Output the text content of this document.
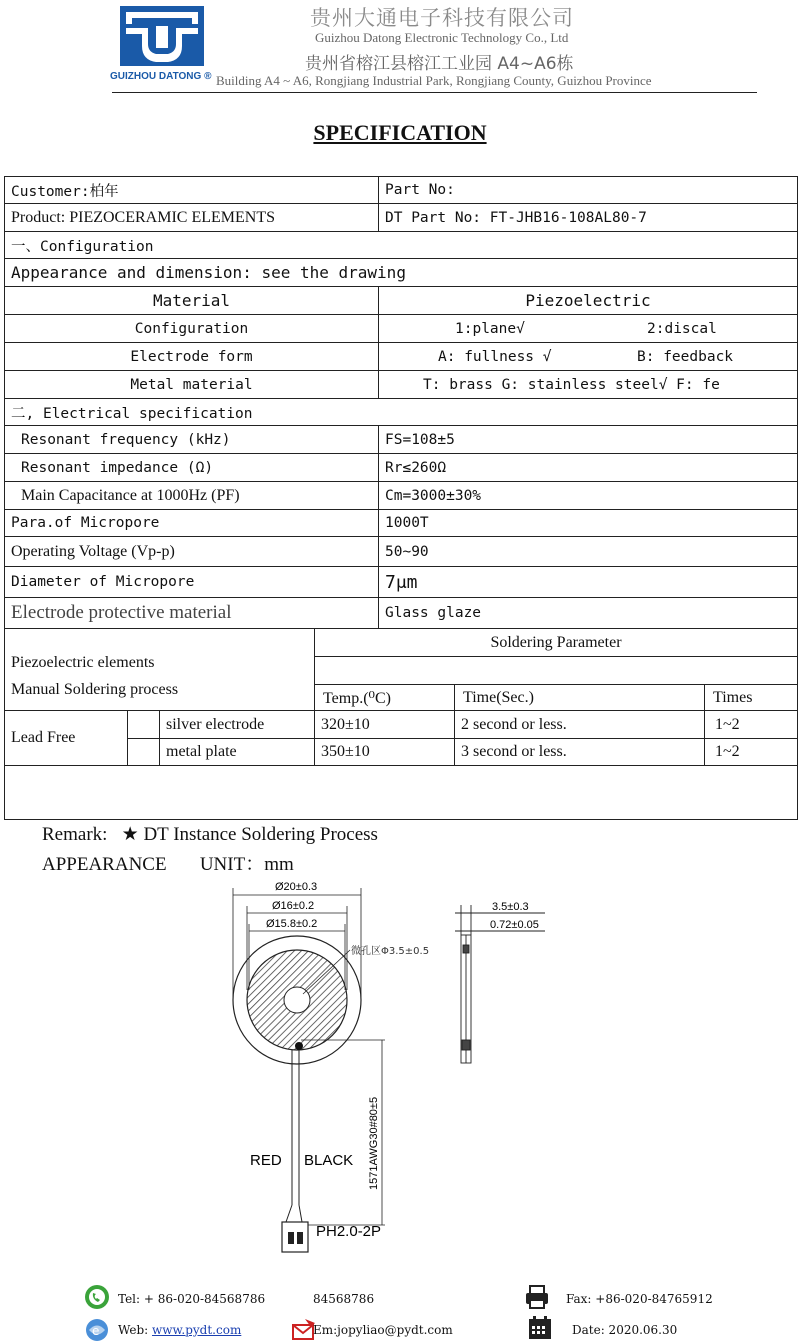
GUIZHOU DATONG ®
贵州大通电子科技有限公司
Guizhou Datong Electronic Technology Co., Ltd
贵州省榕江县榕江工业园 A4~A6栋
Building A4 ~ A6, Rongjiang Industrial Park, Rongjiang County, Guizhou Province
SPECIFICATION
Customer:柏年	Part No:
Product: PIEZOCERAMIC ELEMENTS	DT Part No: FT-JHB16-108AL80-7
一、Configuration
Appearance and dimension: see the drawing
Material	Piezoelectric
Configuration	1:plane√	2:discal
Electrode form	A: fullness √	B: feedback
Metal material	T: brass G: stainless steel√ F: fe
二, Electrical specification
Resonant frequency (kHz)	FS=108±5
Resonant impedance (Ω)	Rr≤260Ω
Main Capacitance at 1000Hz (PF)	Cm=3000±30%
Para.of Micropore	1000T
Operating Voltage (Vp-p)	50~90
Diameter of Micropore	7μm
Electrode protective material	Glass glaze
Piezoelectric elements
Manual Soldering process
Soldering Parameter
Temp.(⁰C)	Time(Sec.)	Times
Lead Free
silver electrode	320±10	2 second or less.	1~2
metal plate	350±10	3 second or less.	1~2

Remark:   ★ DT Instance Soldering Process
APPEARANCE       UNIT：mm
Ø20±0.3
Ø16±0.2
Ø15.8±0.2
微孔区Φ3.5±0.5
3.5±0.3
0.72±0.05
RED BLACK
PH2.0-2P
1571AWG30#80±5
Tel: + 86-020-84568786	84568786	Fax: +86-020-84765912
e Web: www.pydt.com	Em:jopyliao@pydt.com	Date: 2020.06.30
